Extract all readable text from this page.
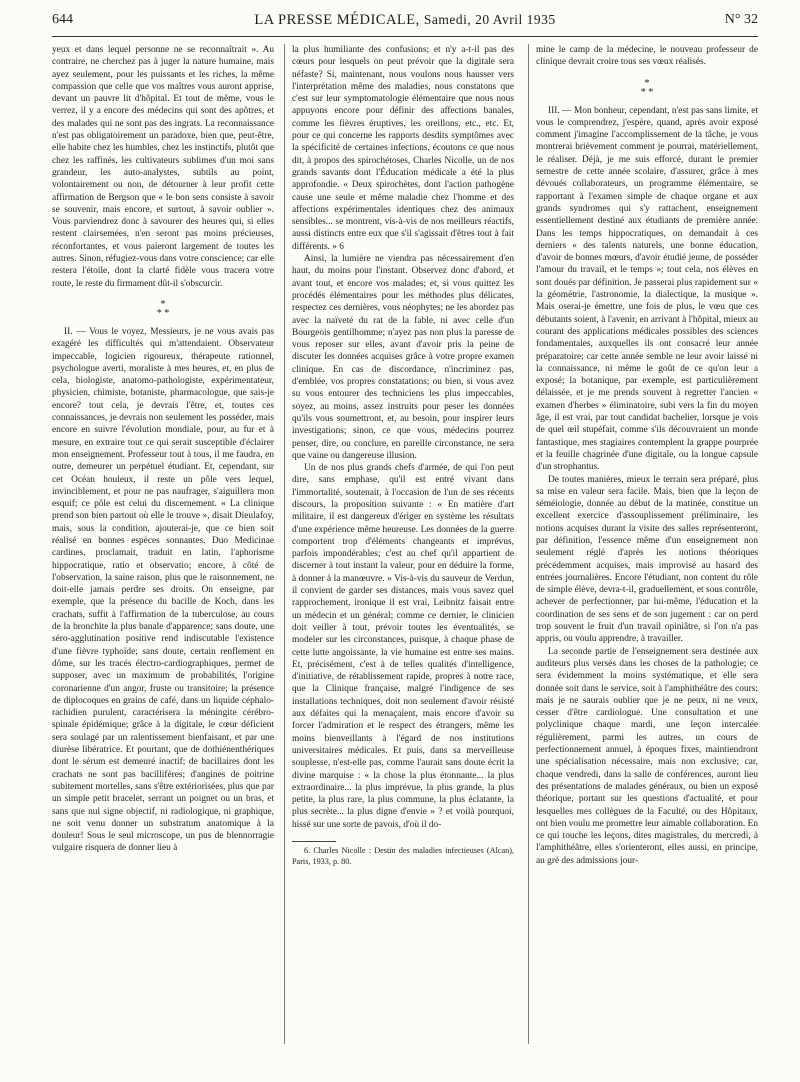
644	LA PRESSE MÉDICALE, Samedi, 20 Avril 1935	N° 32

yeux et dans lequel personne ne se reconnaîtrait ». Au contraire, ne cherchez pas à juger la nature humaine, mais ayez seulement, pour les puissants et les riches, la même compassion que celle que vos maîtres vous auront apprise, devant un pauvre lit d'hôpital. Et tout de même, vous le verrez, il y a encore des médecins qui sont des apôtres, et des malades qui ne sont pas des ingrats. La reconnaissance n'est pas obligatoirement un paradoxe, bien que, peut-être, elle habite chez les humbles, chez les instinctifs, plutôt que chez les raffinés, les cultivateurs sublimes d'un moi sans grandeur, les auto-analystes, subtils au point, volontairement ou non, de détourner à leur profit cette affirmation de Bergson que « le bon sens consiste à savoir se souvenir, mais encore, et surtout, à savoir oublier ». Vous parviendrez donc à savourer des heures qui, si elles restent clairsemées, n'en seront pas moins précieuses, réconfortantes, et vous paieront largement de toutes les autres. Sinon, réfugiez-vous dans votre conscience; car elle restera l'étoile, dont la clarté fidèle vous tracera votre route, le reste du firmament dût-il s'obscurcir.

*
* *

II. — Vous le voyez, Messieurs, je ne vous avais pas exagéré les difficultés qui m'attendaient. Observateur impeccable, logicien rigoureux, thérapeute rationnel, psychologue averti, moraliste à mes heures, et, en plus de cela, biologiste, anatomo-pathologiste, expérimentateur, physicien, chimiste, botaniste, pharmacologue, que sais-je encore? tout cela, je devrais l'être, et, toutes ces connaissances, je devrais non seulement les posséder, mais encore en suivre l'évolution mondiale, pour, au fur et à mesure, en extraire tout ce qui serait susceptible d'éclairer mon enseignement. Professeur tout à tous, il me faudra, en outre, demeurer un perpétuel étudiant. Et, cependant, sur cet Océan houleux, il reste un pôle vers lequel, invinciblement, et pour ne pas naufrager, s'aiguillera mon esquif; ce pôle est celui du discernement. « La clinique prend son bien partout où elle le trouve », disait Dieulafoy, mais, sous la condition, ajouterai-je, que ce bien soit réalisé en bonnes espèces sonnantes. Duo Medicinae cardines, proclamait, traduit en latin, l'aphorisme hippocratique, ratio et observatio; encore, à côté de l'observation, la saine raison, plus que le raisonnement, ne doit-elle jamais perdre ses droits. On enseigne, par exemple, que la présence du bacille de Koch, dans les crachats, suffit à l'affirmation de la tuberculose, au cours de la bronchite la plus banale d'apparence; sans doute, une séro-agglutination positive rend indiscutable l'existence d'une fièvre typhoïde; sans doute, certain renflement en dôme, sur les tracés électro-cardiographiques, permet de supposer, avec un maximum de probabilités, l'origine coronarienne d'un angor, fruste ou transitoire; la présence de diplocoques en grains de café, dans un liquide céphalo-rachidien purulent, caractérisera la méningite cérébro-spinale épidémique; grâce à la digitale, le cœur déficient sera soulagé par un ralentissement bienfaisant, et par une diurèse libératrice. Et pourtant, que de dothiénenthériques dont le sérum est demeuré inactif; de bacillaires dont les crachats ne sont pas bacillifères; d'angines de poitrine subitement mortelles, sans s'être extériorisées, plus que par un simple petit bracelet, serrant un poignet ou un bras, et sans que nul signe objectif, ni radiologique, ni graphique, ne soit venu donner un substratum anatomique à la douleur! Sous le seul microscope, un pus de blennorragie vulgaire risquera de donner lieu à

la plus humiliante des confusions; et n'y a-t-il pas des cœurs pour lesquels on peut prévoir que la digitale sera néfaste? Si, maintenant, nous voulons nous hausser vers l'interprétation même des maladies, nous constatons que c'est sur leur symptomatologie élémentaire que nous nous appuyons encore pour définir des affections banales, comme les fièvres éruptives, les oreillons, etc., etc. Et, pour ce qui concerne les rapports desdits symptômes avec la spécificité de certaines infections, écoutons ce que nous dit, à propos des spirochétoses, Charles Nicolle, un de nos grands savants dont l'Éducation médicale a été la plus approfondie. « Deux spirochètes, dont l'action pathogène cause une seule et même maladie chez l'homme et des affections expérimentales identiques chez des animaux sensibles... se montrent, vis-à-vis de nos meilleurs réactifs, aussi distincts entre eux que s'il s'agissait d'êtres tout à fait différents. » 6

Ainsi, la lumière ne viendra pas nécessairement d'en haut, du moins pour l'instant. Observez donc d'abord, et avant tout, et encore vos malades; et, si vous quittez les procédés élémentaires pour les méthodes plus délicates, respectez ces dernières, vous néophytes; ne les abordez pas avec la naïveté du rat de la fable, ni avec celle d'un Bourgeois gentilhomme; n'ayez pas non plus la paresse de vous reposer sur elles, avant d'avoir pris la peine de discuter les données acquises grâce à votre propre examen clinique. En cas de discordance, n'incriminez pas, d'emblée, vos propres constatations; ou bien, si vous avez su vous entourer des techniciens les plus impeccables, soyez, au moins, assez instruits pour peser les données qu'ils vous soumettront, et, au besoin, pour inspirer leurs investigations; sinon, ce que vous, médecins pourrez penser, dire, ou conclure, en pareille circonstance, ne sera que vaine ou dangereuse illusion.

Un de nos plus grands chefs d'armée, de qui l'on peut dire, sans emphase, qu'il est entré vivant dans l'immortalité, soutenait, à l'occasion de l'un de ses récents discours, la proposition suivante : « En matière d'art militaire, il est dangereux d'ériger en système les résultats d'une expérience même heureuse. Les données de la guerre comportent trop d'éléments changeants et imprévus, parfois impondérables; c'est au chef qu'il appartient de discerner à tout instant la valeur, pour en déduire la forme, à donner à la manœuvre. » Vis-à-vis du sauveur de Verdun, il convient de garder ses distances, mais vous savez quel rapprochement, ironique il est vrai, Leibnitz faisait entre un médecin et un général; comme ce dernier, le clinicien doit veiller à tout, prévoir toutes les éventualités, se modeler sur les circonstances, puisque, à chaque phase de cette lutte angoissante, la vie humaine est entre ses mains. Et, précisément, c'est à de telles qualités d'intelligence, d'initiative, de rétablissement rapide, propres à notre race, que la Clinique française, malgré l'indigence de ses installations techniques, doit non seulement d'avoir résisté aux défaites qui la menaçaient, mais encore d'avoir su forcer l'admiration et le respect des étrangers, même les moins bienveillants à l'égard de nos institutions universitaires médicales. Et puis, dans sa merveilleuse souplesse, n'est-elle pas, comme l'aurait sans doute écrit la divine marquise : « la chose la plus étonnante... la plus extraordinaire... la plus imprévue, la plus grande, la plus petite, la plus rare, la plus commune, la plus éclatante, la plus secrète... la plus digne d'envie » ? et voilà pourquoi, hissé sur une sorte de pavois, d'où il do-

6. Charles Nicolle : Destin des maladies infectieuses (Alcan), Paris, 1933, p. 80.

mine le camp de la médecine, le nouveau professeur de clinique devrait croire tous ses vœux réalisés.

*
* *

III. — Mon bonheur, cependant, n'est pas sans limite, et vous le comprendrez, j'espère, quand, après avoir exposé comment j'imagine l'accomplissement de la tâche, je vous montrerai brièvement comment je pourrai, matériellement, le réaliser. Déjà, je me suis efforcé, durant le premier semestre de cette année scolaire, d'assurer, grâce à mes dévoués collaborateurs, un programme élémentaire, se rapportant à l'examen simple de chaque organe et aux grands syndromes qui s'y rattachent, enseignement essentiellement destiné aux étudiants de première année. Dans les temps hippocratiques, on demandait à ces derniers « des talents naturels, une bonne éducation, d'avoir de bonnes mœurs, d'avoir étudié jeune, de posséder l'amour du travail, et le temps »; tout cela, nos élèves en sont doués par définition. Je passerai plus rapidement sur « la géométrie, l'astronomie, la dialectique, la musique ». Mais oserai-je émettre, une fois de plus, le vœu que ces débutants soient, à l'avenir, en arrivant à l'hôpital, mieux au courant des applications médicales possibles des sciences fondamentales, auxquelles ils ont consacré leur année préparatoire; car cette année semble ne leur avoir laissé ni la connaissance, ni même le goût de ce qu'on leur a exposé; la botanique, par exemple, est particulièrement délaissée, et je me prends souvent à regretter l'ancien « examen d'herbes » éliminatoire, subi vers la fin du moyen âge, il est vrai, par tout candidat bachelier, lorsque je vois de quel œil stupéfait, comme s'ils découvraient un monde fantastique, mes stagiaires contemplent la grappe pourprée et la feuille chagrinée d'une digitale, ou la longue capsule d'un strophantus.

De toutes manières, mieux le terrain sera préparé, plus sa mise en valeur sera facile. Mais, bien que la leçon de séméiologie, donnée au début de la matinée, constitue un excellent exercice d'assouplissement préliminaire, les notions acquises durant la visite des salles représenteront, par définition, l'essence même d'un enseignement non seulement réglé d'après les notions théoriques précédemment acquises, mais improvisé au hasard des entrées journalières. Encore l'étudiant, non content du rôle de simple élève, devra-t-il, graduellement, et sous contrôle, achever de perfectionner, par lui-même, l'éducation et la coordination de ses sens et de son jugement : car on perd trop souvent le fruit d'un travail opiniâtre, si l'on n'a pas appris, ou voulu apprendre, à travailler.

La seconde partie de l'enseignement sera destinée aux auditeurs plus versés dans les choses de la pathologie; ce sera évidemment la moins systématique, et elle sera donnée soit dans le service, soit à l'amphithéâtre des cours; mais je ne saurais oublier que je ne peux, ni ne veux, cesser d'être cardiologue. Une consultation et une polyclinique chaque mardi, une leçon intercalée régulièrement, parmi les autres, un cours de perfectionnement annuel, à époques fixes, maintiendront une spécialisation nécessaire, mais non exclusive; car, chaque vendredi, dans la salle de conférences, auront lieu des présentations de malades généraux, ou bien un exposé théorique, portant sur les questions d'actualité, et pour lesquelles mes collègues de la Faculté, ou des Hôpitaux, ont bien voulu me promettre leur aimable collaboration. En ce qui touche les leçons, dites magistrales, du mercredi, à l'amphithéâtre, elles s'orienteront, elles aussi, en principe, au gré des admissions jour-
